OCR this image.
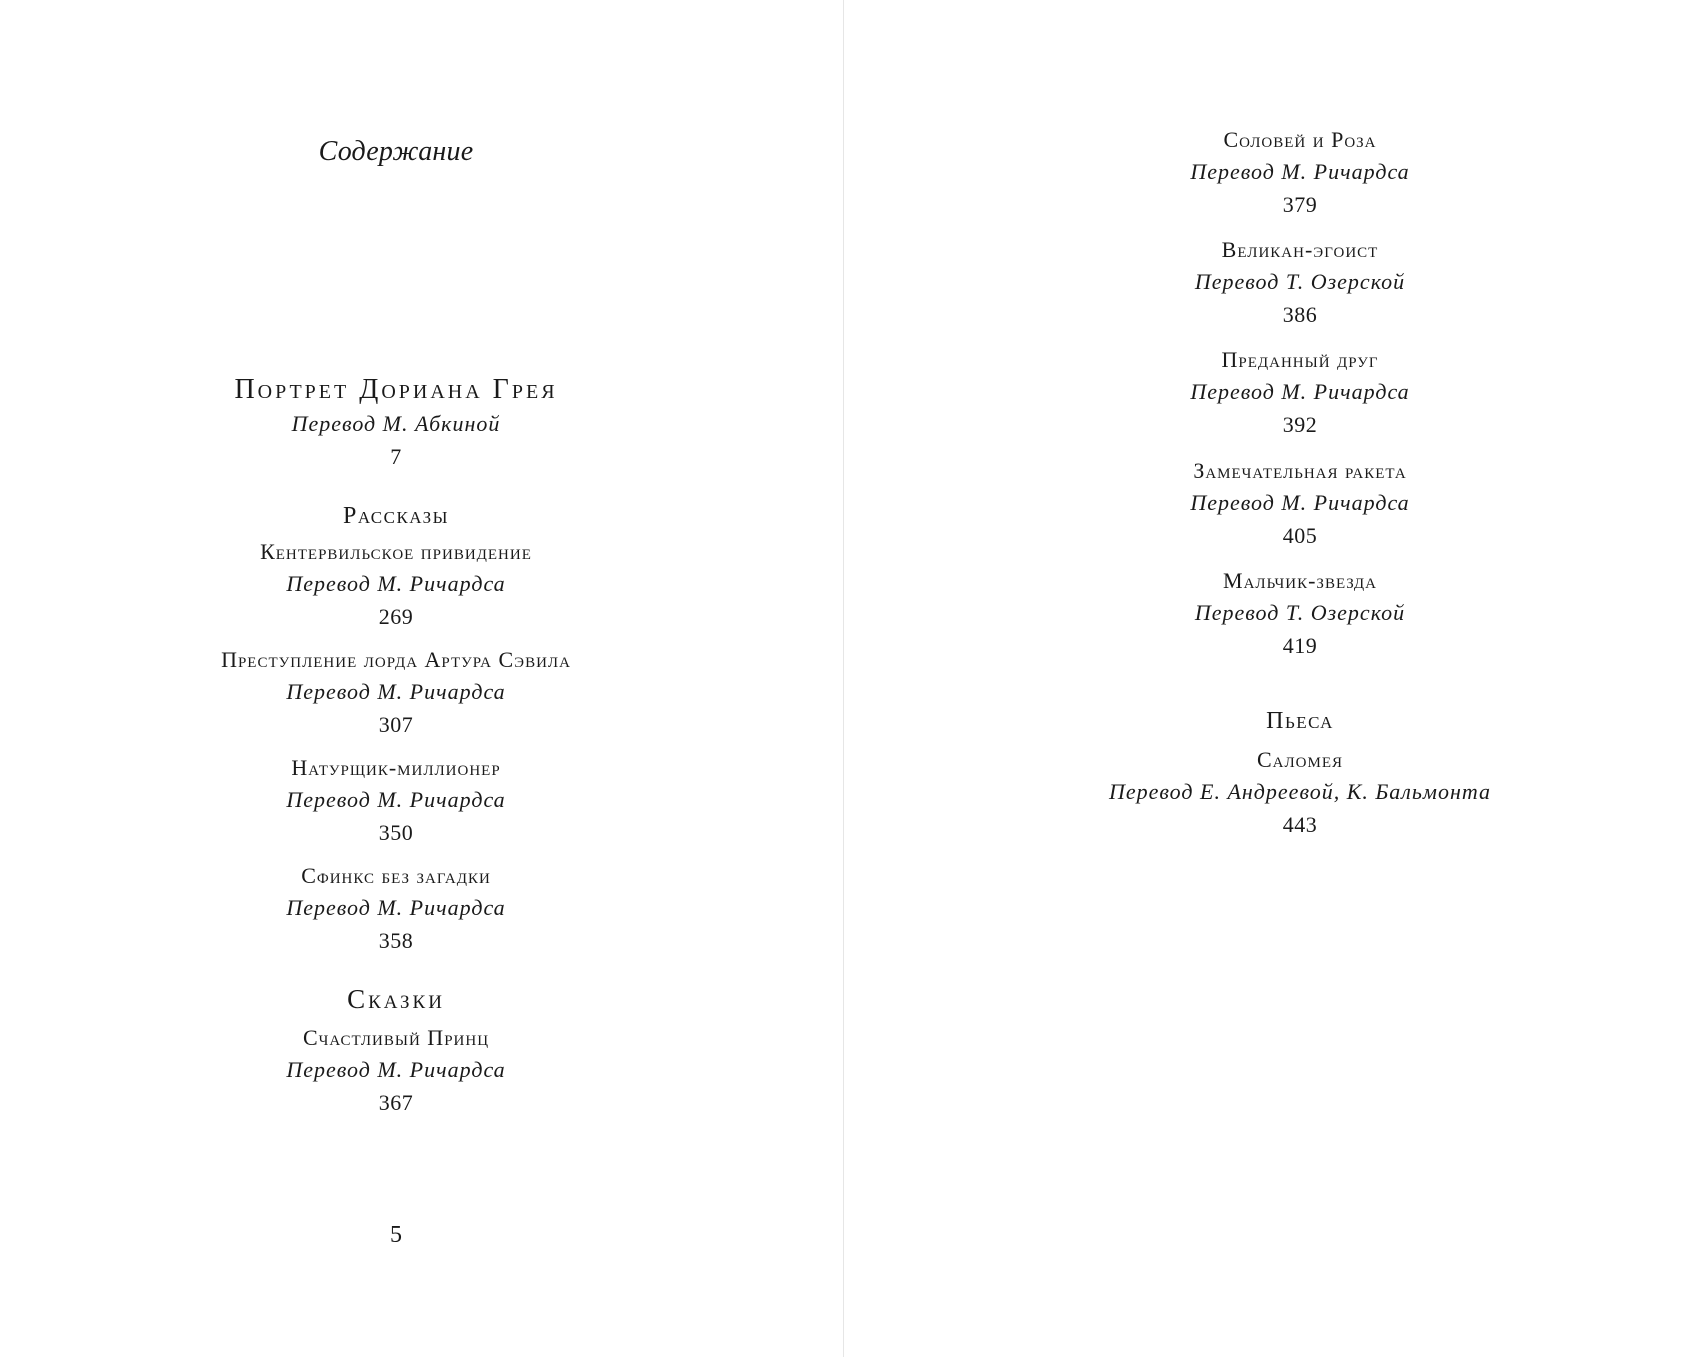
Содержание
Портрет Дориана Грея
Перевод М. Абкиной
7
Рассказы
Кентервильское привидение
Перевод М. Ричардса
269
Преступление лорда Артура Сэвила
Перевод М. Ричардса
307
Натурщик-миллионер
Перевод М. Ричардса
350
Сфинкс без загадки
Перевод М. Ричардса
358
Сказки
Счастливый Принц
Перевод М. Ричардса
367
5
Соловей и Роза
Перевод М. Ричардса
379
Великан-эгоист
Перевод Т. Озерской
386
Преданный друг
Перевод М. Ричардса
392
Замечательная ракета
Перевод М. Ричардса
405
Мальчик-звезда
Перевод Т. Озерской
419
Пьеса
Саломея
Перевод Е. Андреевой, К. Бальмонта
443
